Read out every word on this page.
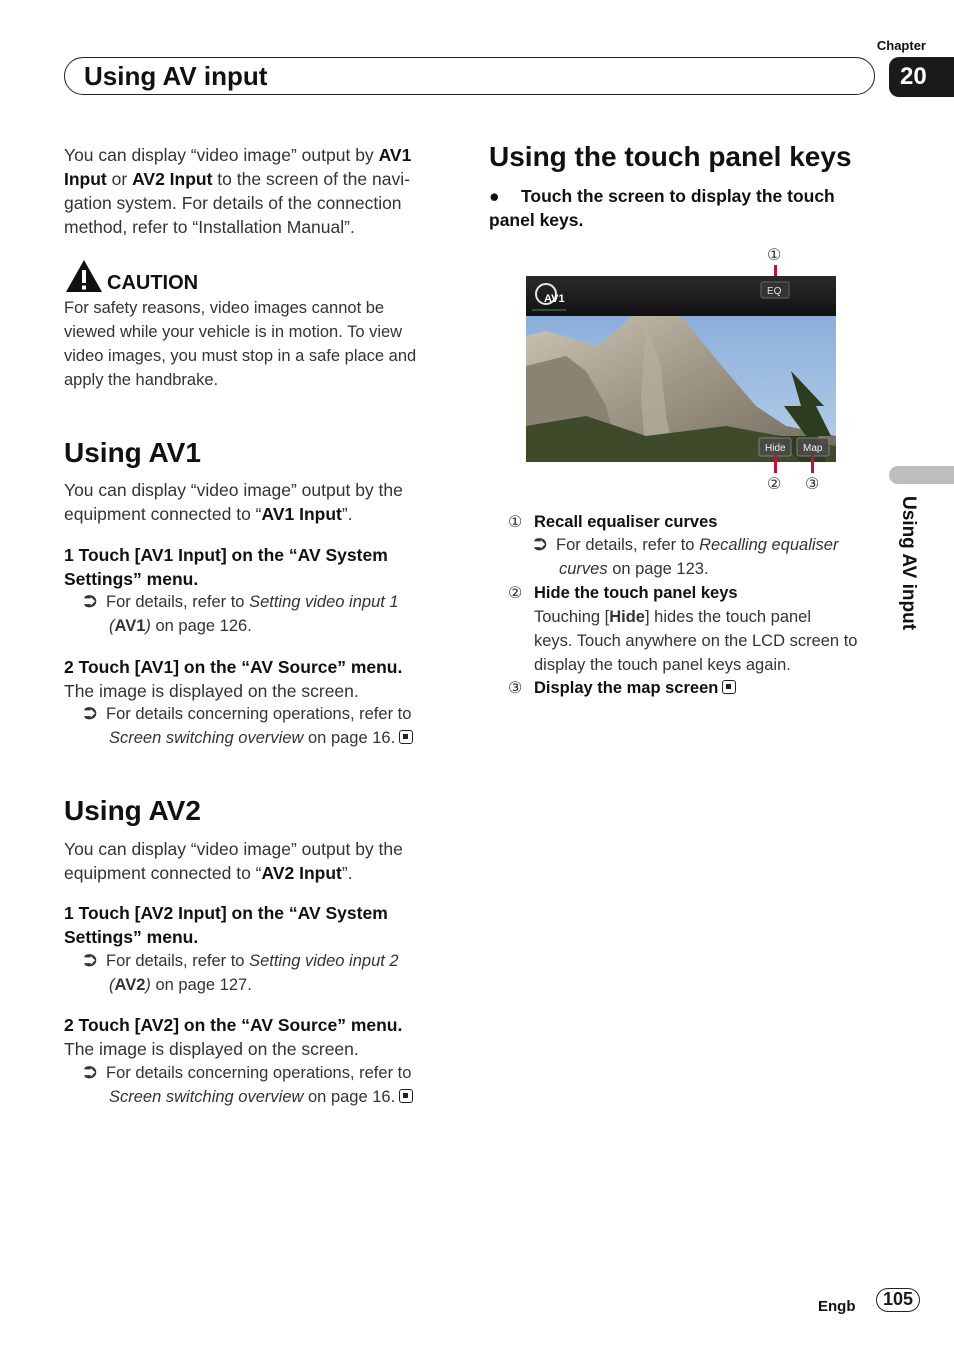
Chapter
20
Using AV input
You can display “video image” output by AV1
Input or AV2 Input to the screen of the navi-
gation system. For details of the connection
method, refer to “Installation Manual”.
CAUTION
For safety reasons, video images cannot be
viewed while your vehicle is in motion. To view
video images, you must stop in a safe place and
apply the handbrake.
Using AV1
You can display “video image” output by the
equipment connected to “AV1 Input”.
1 Touch [AV1 Input] on the “AV System
Settings” menu.
⮊ For details, refer to Setting video input 1
(AV1) on page 126.
2 Touch [AV1] on the “AV Source” menu.
The image is displayed on the screen.
⮊ For details concerning operations, refer to
Screen switching overview on page 16.
Using AV2
You can display “video image” output by the
equipment connected to “AV2 Input”.
1 Touch [AV2 Input] on the “AV System
Settings” menu.
⮊ For details, refer to Setting video input 2
(AV2) on page 127.
2 Touch [AV2] on the “AV Source” menu.
The image is displayed on the screen.
⮊ For details concerning operations, refer to
Screen switching overview on page 16.
Using the touch panel keys
● Touch the screen to display the touch
panel keys.
①
AV1
EQ
Hide Map
② ③
① Recall equaliser curves
⮊ For details, refer to Recalling equaliser
curves on page 123.
② Hide the touch panel keys
Touching [Hide] hides the touch panel
keys. Touch anywhere on the LCD screen to
display the touch panel keys again.
③ Display the map screen
Using AV input
Engb	105
